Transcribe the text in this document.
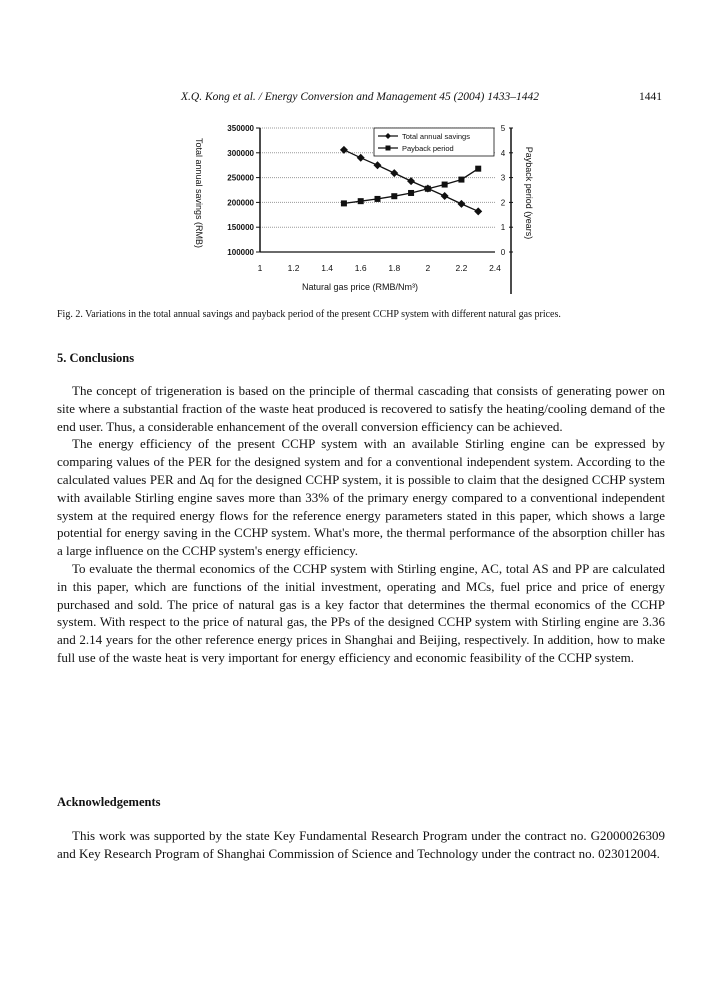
X.Q. Kong et al. / Energy Conversion and Management 45 (2004) 1433–1442	1441
Total annual savings (RMB)	Payback period (years)
Natural gas price (RMB/Nm³)
100000
150000
200000
250000
300000
350000
0
1
2
3
4
5
1	1.2	1.4	1.6	1.8	2	2.2	2.4
Total annual savings
Payback period
Fig. 2. Variations in the total annual savings and payback period of the present CCHP system with different natural gas prices.
5. Conclusions

The concept of trigeneration is based on the principle of thermal cascading that consists of generating power on site where a substantial fraction of the waste heat produced is recovered to satisfy the heating/cooling demand of the end user. Thus, a considerable enhancement of the overall conversion efficiency can be achieved.

The energy efficiency of the present CCHP system with an available Stirling engine can be expressed by comparing values of the PER for the designed system and for a conventional independent system. According to the calculated values PER and Δq for the designed CCHP system, it is possible to claim that the designed CCHP system with available Stirling engine saves more than 33% of the primary energy compared to a conventional independent system at the required energy flows for the reference energy parameters stated in this paper, which shows a large potential for energy saving in the CCHP system. What's more, the thermal performance of the absorption chiller has a large influence on the CCHP system's energy efficiency.

To evaluate the thermal economics of the CCHP system with Stirling engine, AC, total AS and PP are calculated in this paper, which are functions of the initial investment, operating and MCs, fuel price and price of energy purchased and sold. The price of natural gas is a key factor that determines the thermal economics of the CCHP system. With respect to the price of natural gas, the PPs of the designed CCHP system with Stirling engine are 3.36 and 2.14 years for the other reference energy prices in Shanghai and Beijing, respectively. In addition, how to make full use of the waste heat is very important for energy efficiency and economic feasibility of the CCHP system.

Acknowledgements

This work was supported by the state Key Fundamental Research Program under the contract no. G2000026309 and Key Research Program of Shanghai Commission of Science and Technology under the contract no. 023012004.
